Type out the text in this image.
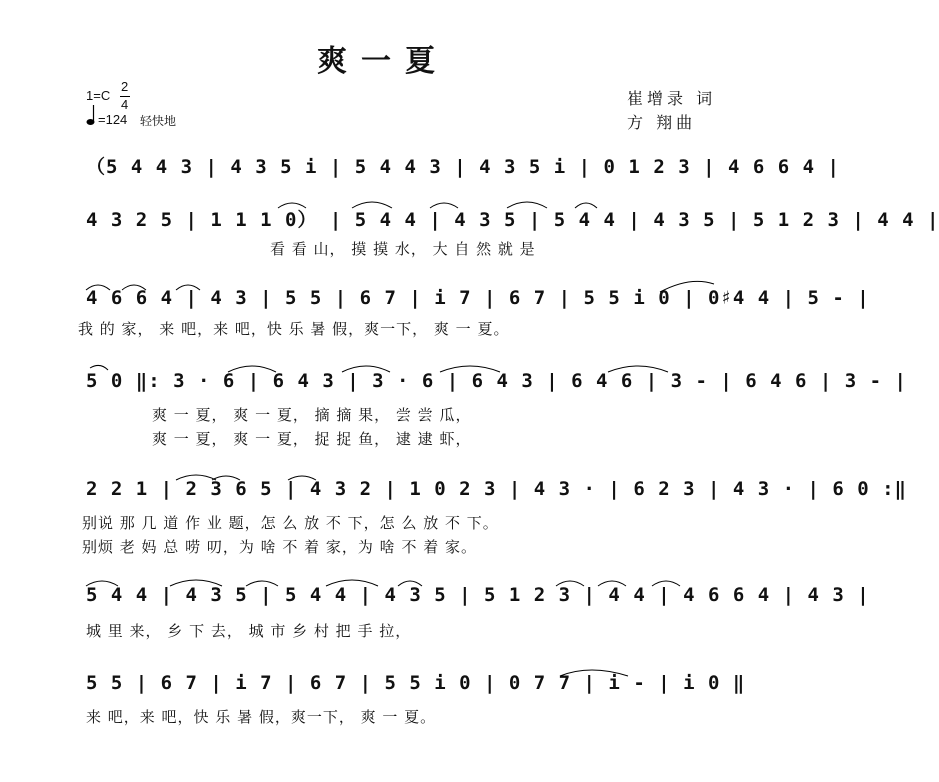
爽一夏
1=C
2
4
=124 轻快地
崔增录 词
方 翔曲
（5 4 4 3 | 4 3 5 i | 5 4 4 3 | 4 3 5 i | 0 1 2 3 | 4 6 6 4 |
4 3 2 5 | 1 1 1 0） | 5 4 4 | 4 3 5 | 5 4 4 | 4 3 5 | 5 1 2 3 | 4 4 |
看 看 山， 摸 摸 水， 大 自 然 就 是
4 6 6 4 | 4 3 | 5 5 | 6 7 | i 7 | 6 7 | 5 5 i 0 | 0♯4 4 | 5 - |
我 的 家， 来 吧，来 吧，快 乐 暑 假，爽一下， 爽 一 夏。
5 0 ‖: 3 · 6 | 6 4 3 | 3 · 6 | 6 4 3 | 6 4 6 | 3 - | 6 4 6 | 3 - |
爽 一 夏， 爽 一 夏， 摘 摘 果， 尝 尝 瓜，
爽 一 夏， 爽 一 夏， 捉 捉 鱼， 逮 逮 虾，
2 2 1 | 2 3 6 5 | 4 3 2 | 1 0 2 3 | 4 3 · | 6 2 3 | 4 3 · | 6 0 :‖
别说 那 几 道 作 业 题，怎 么 放 不 下，怎 么 放 不 下。
别烦 老 妈 总 唠 叨，为 啥 不 着 家，为 啥 不 着 家。
5 4 4 | 4 3 5 | 5 4 4 | 4 3 5 | 5 1 2 3 | 4 4 | 4 6 6 4 | 4 3 |
城 里 来， 乡 下 去， 城 市 乡 村 把 手 拉，
5 5 | 6 7 | i 7 | 6 7 | 5 5 i 0 | 0 7 7 | i - | i 0 ‖
来 吧，来 吧，快 乐 暑 假，爽一下， 爽 一 夏。
